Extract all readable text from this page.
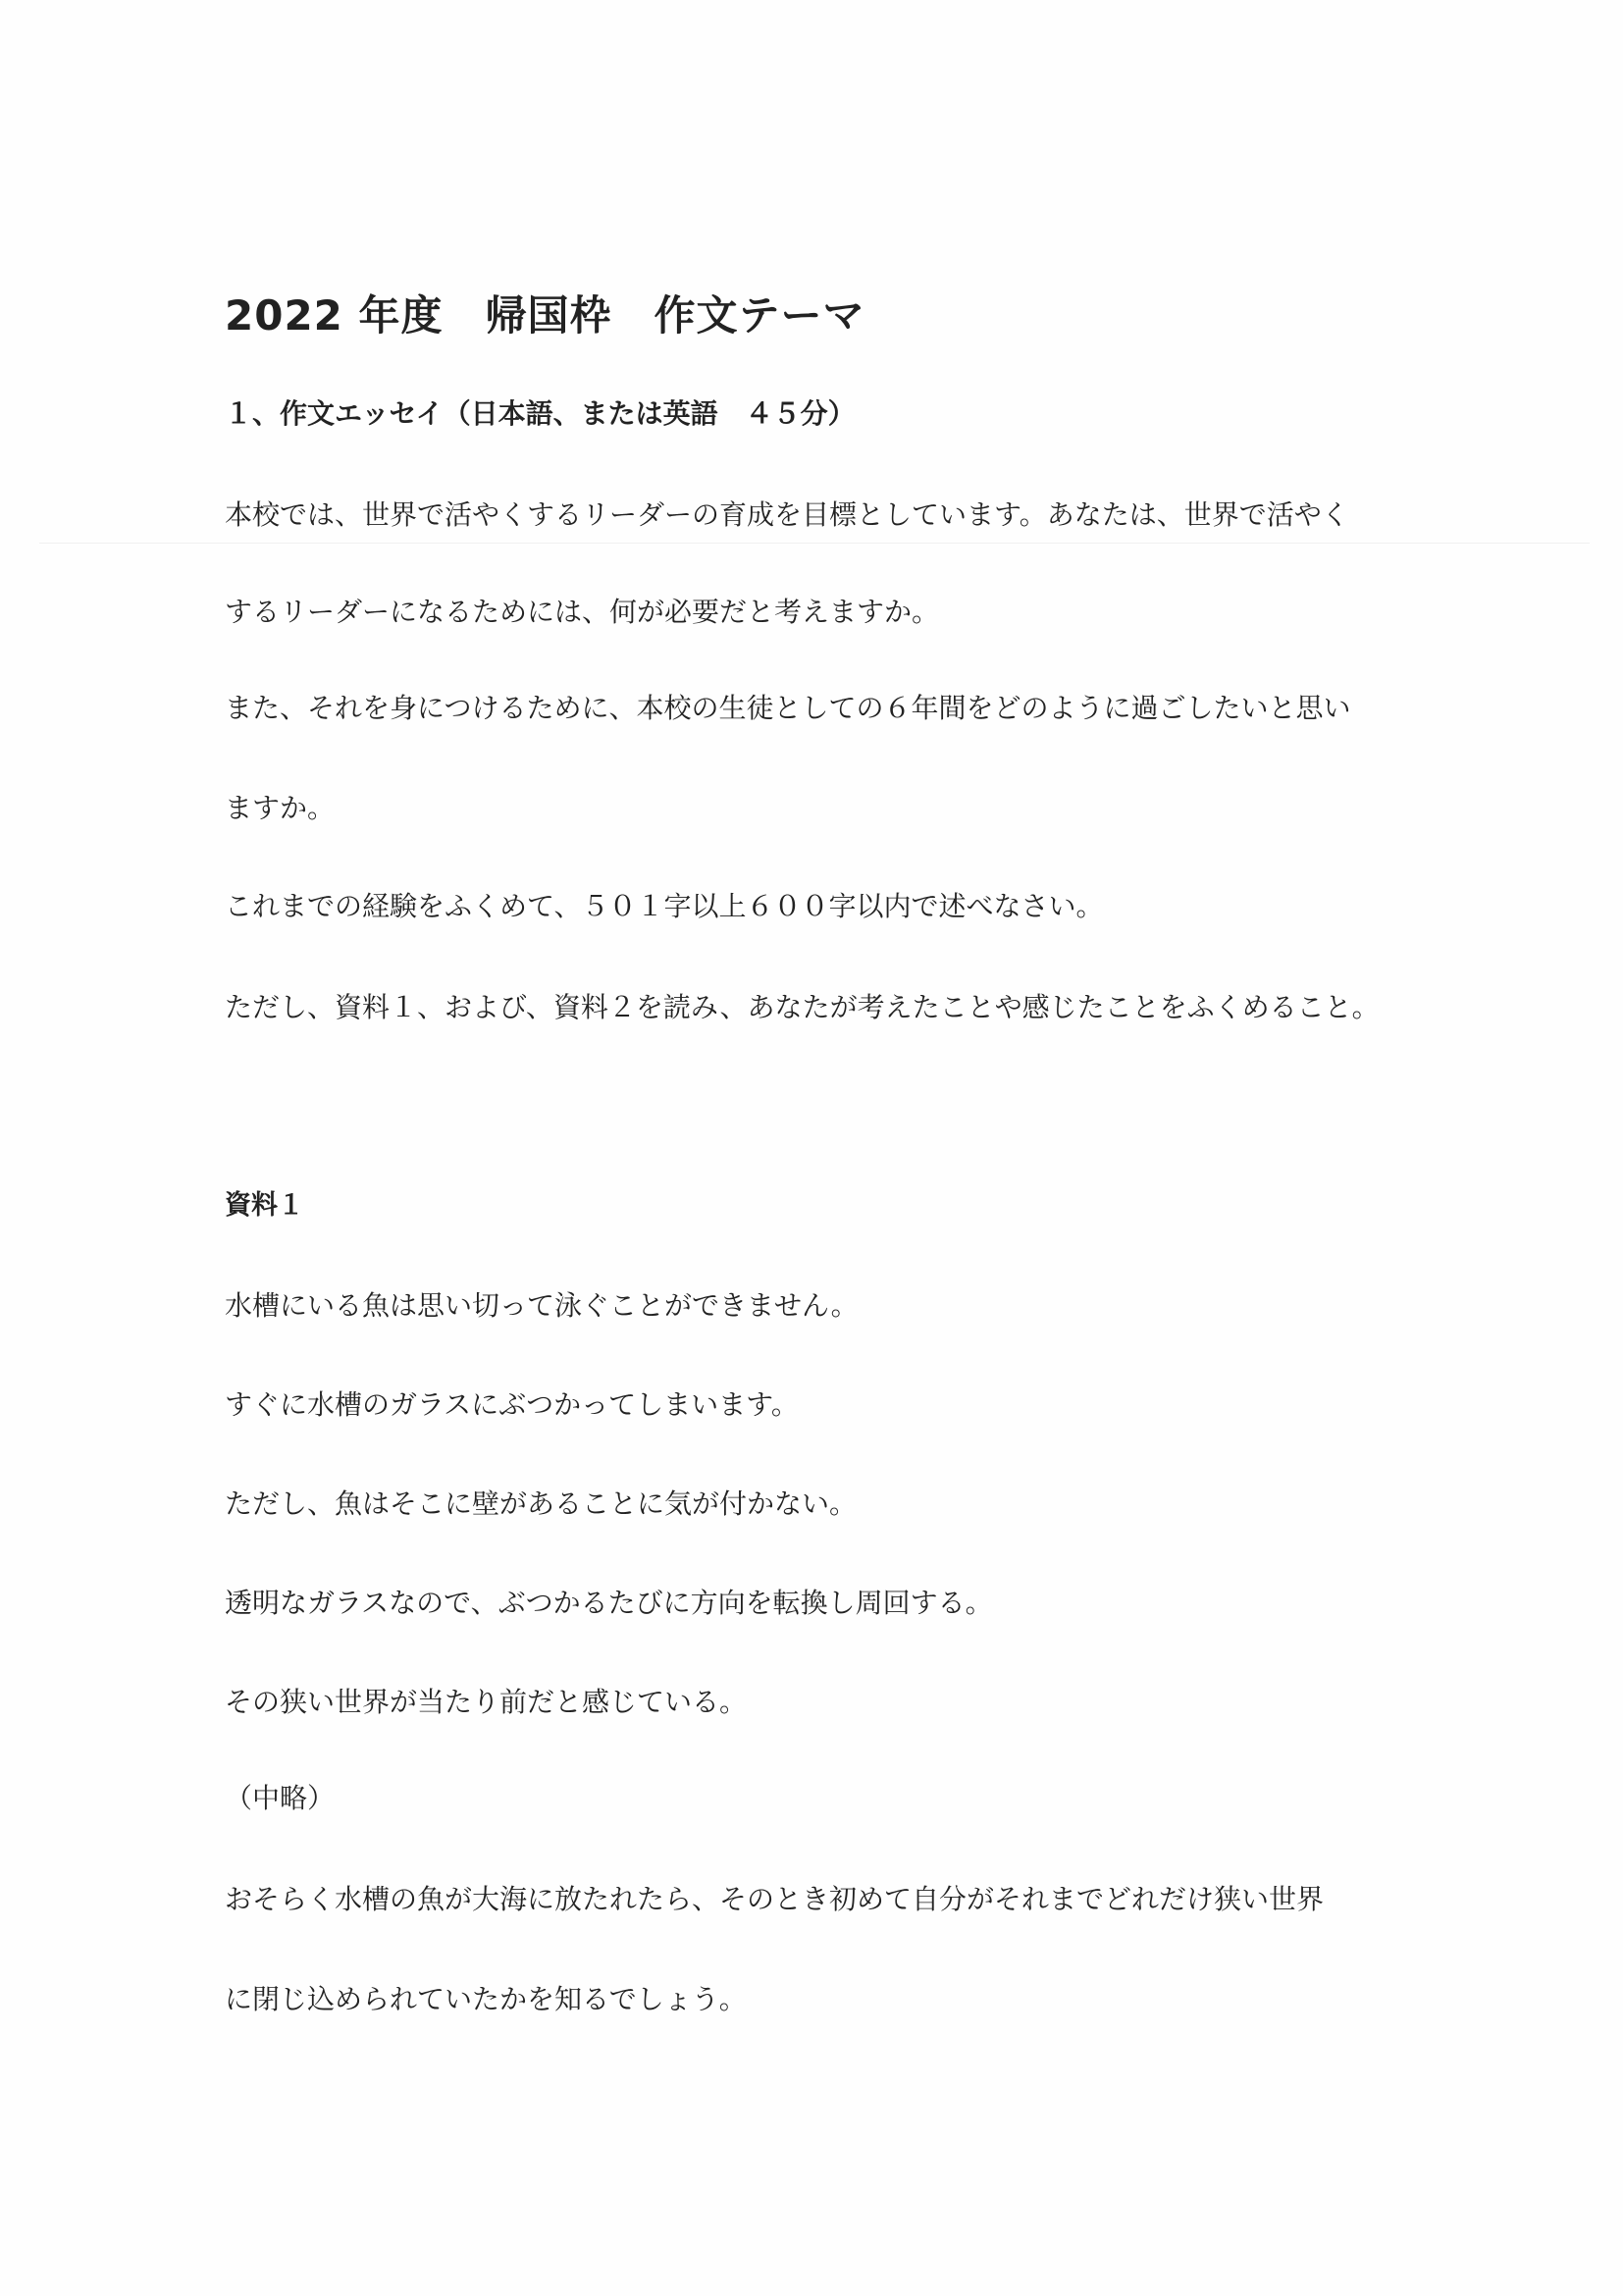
2022 年度　帰国枠　作文テーマ
１、作文エッセイ（日本語、または英語　４５分）
本校では、世界で活やくするリーダーの育成を目標としています。あなたは、世界で活やく
するリーダーになるためには、何が必要だと考えますか。
また、それを身につけるために、本校の生徒としての６年間をどのように過ごしたいと思い
ますか。
これまでの経験をふくめて、５０１字以上６００字以内で述べなさい。
ただし、資料１、および、資料２を読み、あなたが考えたことや感じたことをふくめること。
資料１
水槽にいる魚は思い切って泳ぐことができません。
すぐに水槽のガラスにぶつかってしまいます。
ただし、魚はそこに壁があることに気が付かない。
透明なガラスなので、ぶつかるたびに方向を転換し周回する。
その狭い世界が当たり前だと感じている。
（中略）
おそらく水槽の魚が大海に放たれたら、そのとき初めて自分がそれまでどれだけ狭い世界
に閉じ込められていたかを知るでしょう。
